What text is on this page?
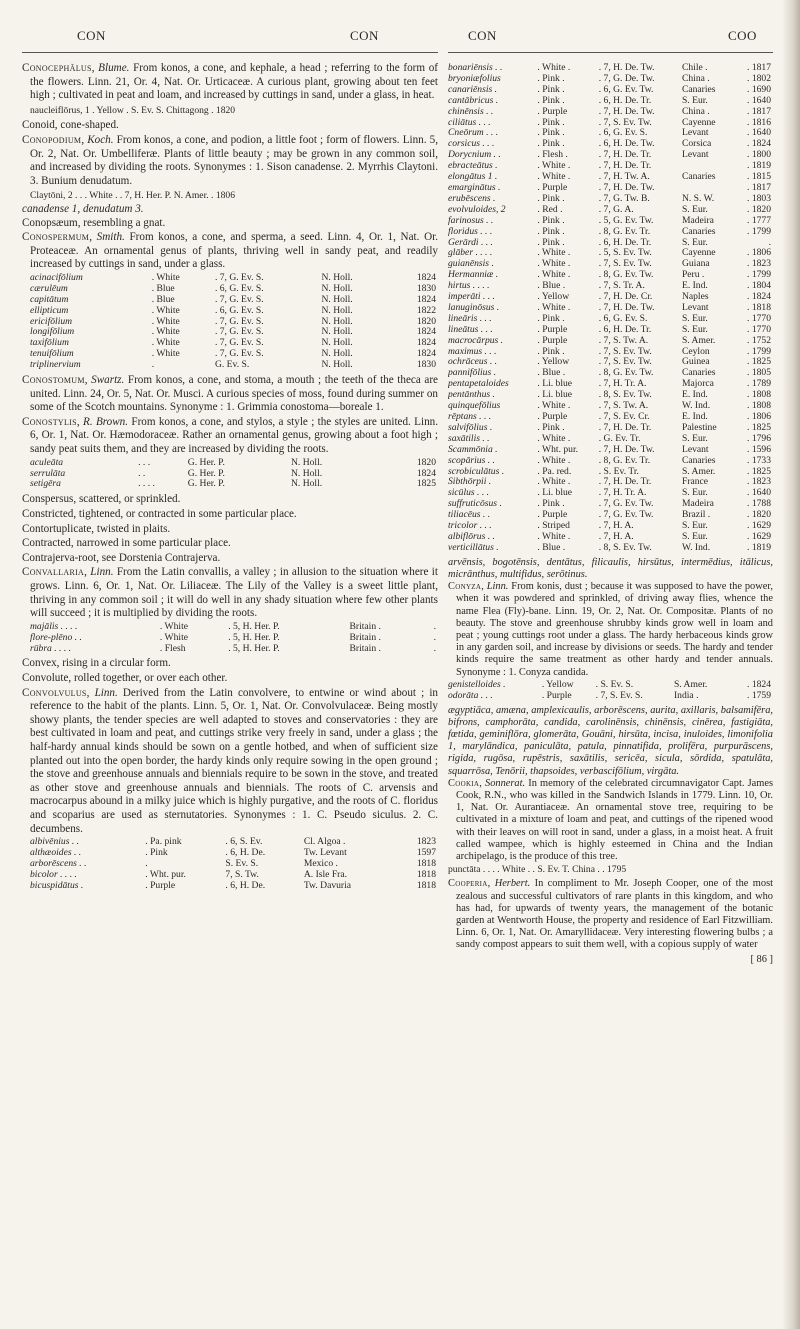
CON	CON	CON	COO

Conocephălus, Blume. From konos, a cone, and kephale, a head ; referring to the form of the flowers. Linn. 21, Or. 4, Nat. Or. Urticaceæ. A curious plant, growing about ten feet high ; cultivated in peat and loam, and increased by cuttings in sand, under a glass, in heat.

naucleiflōrus, 1 . Yellow . S. Ev. S. Chittagong . 1820

Conoid, cone-shaped.

Conopodium, Koch. From konos, a cone, and podion, a little foot ; form of flowers. Linn. 5, Or. 2, Nat. Or. Umbelliferæ. Plants of little beauty ; may be grown in any common soil, and increased by dividing the roots. Synonymes : 1. Sison canadense. 2. Myrrhis Claytoni. 3. Bunium denudatum.

Claytōni, 2 . . . White . . 7, H. Her. P. N. Amer. . 1806

canadense 1, denudatum 3.

Conopsæum, resembling a gnat.

Conospermum, Smith. From konos, a cone, and sperma, a seed. Linn. 4, Or. 1, Nat. Or. Proteaceæ. An ornamental genus of plants, thriving well in sandy peat, and readily increased by cuttings in sand, under a glass.

acinacifōlium	. White	. 7, G. Ev. S.	N. Holl.	1824
cærulēum	. Blue	. 6, G. Ev. S.	N. Holl.	1830
capitātum	. Blue	. 7, G. Ev. S.	N. Holl.	1824
ellipticum	. White	. 6, G. Ev. S.	N. Holl.	1822
ericifōlium	. White	. 7, G. Ev. S.	N. Holl.	1820
longifōlium	. White	. 7, G. Ev. S.	N. Holl.	1824
taxifōlium	. White	. 7, G. Ev. S.	N. Holl.	1824
tenuifōlium	. White	. 7, G. Ev. S.	N. Holl.	1824
triplinervium	.	G. Ev. S.	N. Holl.	1830

Conostomum, Swartz. From konos, a cone, and stoma, a mouth ; the teeth of the theca are united. Linn. 24, Or. 5, Nat. Or. Musci. A curious species of moss, found during summer on some of the Scotch mountains. Synonyme : 1. Grimmia conostoma—boreale 1.

Conostylis, R. Brown. From konos, a cone, and stylos, a style ; the styles are united. Linn. 6, Or. 1, Nat. Or. Hæmodoraceæ. Rather an ornamental genus, growing about a foot high ; sandy peat suits them, and they are increased by dividing the roots.

aculeāta	. . .	G. Her. P.	N. Holl.	1820
serrulāta	. .	G. Her. P.	N. Holl.	1824
setigēra	. . . .	G. Her. P.	N. Holl.	1825

Conspersus, scattered, or sprinkled.

Constricted, tightened, or contracted in some particular place.

Contortuplicate, twisted in plaits.

Contracted, narrowed in some particular place.

Contrajerva-root, see Dorstenia Contrajerva.

Convallaria, Linn. From the Latin convallis, a valley ; in allusion to the situation where it grows. Linn. 6, Or. 1, Nat. Or. Liliaceæ. The Lily of the Valley is a sweet little plant, thriving in any common soil ; it will do well in any shady situation where few other plants will succeed ; it is multiplied by dividing the roots.

majālis . . . .	. White	. 5, H. Her. P.	Britain .	.
flore-plēno . .	. White	. 5, H. Her. P.	Britain .	.
rūbra . . . .	. Flesh	. 5, H. Her. P.	Britain .	.

Convex, rising in a circular form.

Convolute, rolled together, or over each other.

Convolvulus, Linn. Derived from the Latin convolvere, to entwine or wind about ; in reference to the habit of the plants. Linn. 5, Or. 1, Nat. Or. Convolvulaceæ. Being mostly showy plants, the tender species are well adapted to stoves and conservatories : they are best cultivated in loam and peat, and cuttings strike very freely in sand, under a glass ; the half-hardy annual kinds should be sown on a gentle hotbed, and when of sufficient size planted out into the open border, the hardy kinds only require sowing in the open ground ; the stove and greenhouse annuals and biennials require to be sown in the stove, and treated as other stove and greenhouse annuals and biennials. The roots of C. arvensis and macrocarpus abound in a milky juice which is highly purgative, and the roots of C. floridus and scoparius are used as sternutatories. Synonymes : 1. C. Pseudo siculus. 2. C. decumbens.

albivēnius . .	. Pa. pink	. 6, S. Ev.	Cl. Algoa .	1823
althæoides . .	. Pink	. 6, H. De.	Tw. Levant	1597
arborēscens . .	.	S. Ev. S.	Mexico .	1818
bicolor . . . .	. Wht. pur.	7, S. Tw.	A. Isle Fra.	1818
bicuspidātus .	. Purple	. 6, H. De.	Tw. Davuria	1818
bonariēnsis . .	. White .	. 7, H. De. Tw.	Chile .	. 1817
bryoniæfolius	. Pink .	. 7, G. De. Tw.	China .	. 1802
canariēnsis .	. Pink .	. 6, G. Ev. Tw.	Canaries	. 1690
cantābricus .	. Pink .	. 6, H. De. Tr.	S. Eur.	. 1640
chinēnsis . .	. Purple	. 7, H. De. Tw.	China .	. 1817
ciliātus . . .	. Pink .	. 7, S. Ev. Tw.	Cayenne	. 1816
Cneōrum . . .	. Pink .	. 6, G. Ev. S.	Levant	. 1640
corsicus . . .	. Pink .	. 6, H. De. Tw.	Corsica	. 1824
Dorycnium . .	. Flesh .	. 7, H. De. Tr.	Levant	. 1800
ebracteātus .	. White .	. 7, H. De. Tr.		. 1819
elongātus 1 .	. White .	. 7, H. Tw. A.	Canaries	. 1815
emarginātus .	. Purple	. 7, H. De. Tw.		. 1817
erubēscens .	. Pink .	. 7, G. Tw. B.	N. S. W.	. 1803
evolvuloides, 2	. Red .	. 7, G. A.	S. Eur.	. 1820
farinosus . .	. Pink .	. 5, G. Ev. Tw.	Madeira	. 1777
floridus . . .	. Pink .	. 8, G. Ev. Tr.	Canaries	. 1799
Gerārdi . . .	. Pink .	. 6, H. De. Tr.	S. Eur.	.
glāber . . . .	. White .	. 5, S. Ev. Tw.	Cayenne	. 1806
guianēnsis .	. White .	. 7, S. Ev. Tw.	Guiana	. 1823
Hermanniæ .	. White .	. 8, G. Ev. Tw.	Peru .	. 1799
hirtus . . . .	. Blue .	. 7, S. Tr. A.	E. Ind.	. 1804
imperāti . . .	. Yellow	. 7, H. De. Cr.	Naples	. 1824
lanuginōsus .	. White .	. 7, H. De. Tw.	Levant	. 1818
lineāris . . .	. Pink .	. 6, G. Ev. S.	S. Eur.	. 1770
lineātus . . .	. Purple	. 6, H. De. Tr.	S. Eur.	. 1770
macrocārpus .	. Purple	. 7, S. Tw. A.	S. Amer.	. 1752
maximus . . .	. Pink .	. 7, S. Ev. Tw.	Ceylon	. 1799
ochrāceus . .	. Yellow	. 7, S. Ev. Tw.	Guinea	. 1825
pannifōlius .	. Blue .	. 8, G. Ev. Tw.	Canaries	. 1805
pentapetaloides	. Li. blue	. 7, H. Tr. A.	Majorca	. 1789
pentānthus .	. Li. blue	. 8, S. Ev. Tw.	E. Ind.	. 1808
quinquefōlius	. White .	. 7, S. Tw. A.	W. Ind.	. 1808
rēptans . . .	. Purple	. 7, S. Ev. Cr.	E. Ind.	. 1806
salvifōlius .	. Pink .	. 7, H. De. Tr.	Palestine	. 1825
saxātilis . .	. White .	. G. Ev. Tr.	S. Eur.	. 1796
Scammōnia .	. Wht. pur.	. 7, H. De. Tw.	Levant	. 1596
scopārius . .	. White .	. 8, G. Ev. Tr.	Canaries	. 1733
scrobiculātus .	. Pa. red.	. S. Ev. Tr.	S. Amer.	. 1825
Sibthōrpii .	. White .	. 7, H. De. Tr.	France	. 1823
sicūlus . . .	. Li. blue	. 7, H. Tr. A.	S. Eur.	. 1640
suffruticōsus .	. Pink .	. 7, G. Ev. Tw.	Madeira	. 1788
tiliacēus . .	. Purple	. 7, G. Ev. Tw.	Brazil .	. 1820
tricolor . . .	. Striped	. 7, H. A.	S. Eur.	. 1629
albiflōrus . .	. White .	. 7, H. A.	S. Eur.	. 1629
verticillātus .	. Blue .	. 8, S. Ev. Tw.	W. Ind.	. 1819

arvēnsis, bogotēnsis, dentātus, filicaulis, hirsūtus, intermēdius, itālicus, micrānthus, multifidus, serōtinus.

Conyza, Linn. From konis, dust ; because it was supposed to have the power, when it was powdered and sprinkled, of driving away flies, whence the name Flea (Fly)-bane. Linn. 19, Or. 2, Nat. Or. Compositæ. Plants of no beauty. The stove and greenhouse shrubby kinds grow well in loam and peat ; young cuttings root under a glass. The hardy herbaceous kinds grow in any garden soil, and increase by divisions or seeds. The hardy and tender kinds require the same treatment as other hardy and tender annuals. Synonyme : 1. Conyza candida.

genistelloides .	. Yellow	. S. Ev. S.	S. Amer.	. 1824
odorāta . . .	. Purple	. 7, S. Ev. S.	India .	. 1759

ægyptiāca, amæna, amplexicaulis, arborēscens, aurita, axillaris, balsamifēra, bifrons, camphorāta, candida, carolinēnsis, chinēnsis, cinērea, fastigiāta, fœtida, geminiflōra, glomerāta, Gouāni, hirsūta, incisa, inuloides, limonifolia 1, marylāndica, paniculāta, patula, pinnatifida, prolifēra, purpurāscens, rigida, rugōsa, rupēstris, saxātilis, sericēa, sicula, sōrdida, spatulāta, squarrōsa, Tenōrii, thapsoides, verbascifōlium, virgāta.

Cookia, Sonnerat. In memory of the celebrated circumnavigator Capt. James Cook, R.N., who was killed in the Sandwich Islands in 1779. Linn. 10, Or. 1, Nat. Or. Aurantiaceæ. An ornamental stove tree, requiring to be cultivated in a mixture of loam and peat, and cuttings of the ripened wood with their leaves on will root in sand, under a glass, in a moist heat. A fruit called wampee, which is highly esteemed in China and the Indian archipelago, is the produce of this tree.

punctāta . . . . White . . S. Ev. T. China . . 1795

Cooperia, Herbert. In compliment to Mr. Joseph Cooper, one of the most zealous and successful cultivators of rare plants in this kingdom, and who has had, for upwards of twenty years, the management of the botanic garden at Wentworth House, the property and residence of Earl Fitzwilliam. Linn. 6, Or. 1, Nat. Or. Amaryllidaceæ. Very interesting flowering bulbs ; a sandy compost appears to suit them well, with a copious supply of water

[ 86 ]
